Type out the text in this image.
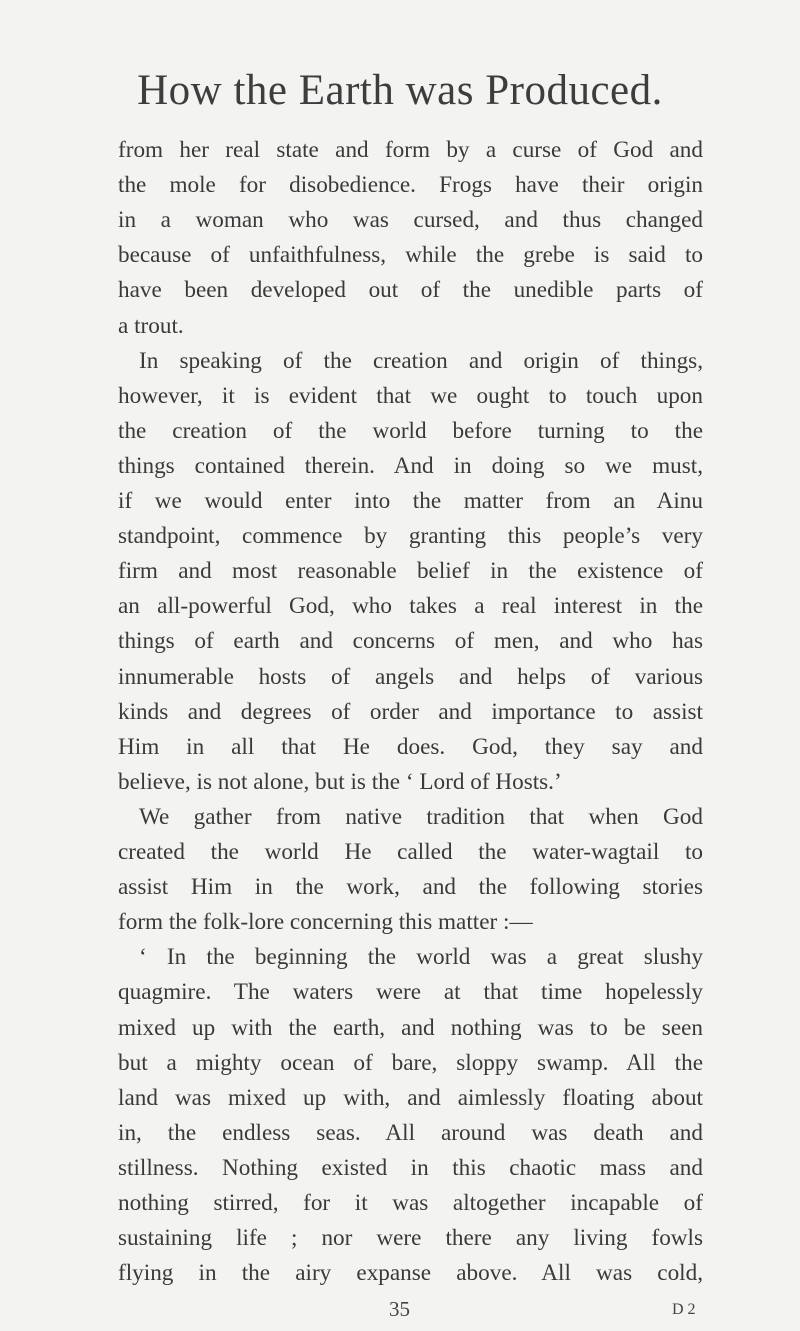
How the Earth was Produced.
from her real state and form by a curse of God and
the mole for disobedience. Frogs have their origin
in a woman who was cursed, and thus changed
because of unfaithfulness, while the grebe is said to
have been developed out of the unedible parts of
a trout.
In speaking of the creation and origin of things,
however, it is evident that we ought to touch upon
the creation of the world before turning to the
things contained therein. And in doing so we must,
if we would enter into the matter from an Ainu
standpoint, commence by granting this people’s very
firm and most reasonable belief in the existence of
an all-powerful God, who takes a real interest in the
things of earth and concerns of men, and who has
innumerable hosts of angels and helps of various
kinds and degrees of order and importance to assist
Him in all that He does. God, they say and
believe, is not alone, but is the ‘ Lord of Hosts.’
We gather from native tradition that when God
created the world He called the water-wagtail to
assist Him in the work, and the following stories
form the folk-lore concerning this matter :—
‘ In the beginning the world was a great slushy
quagmire. The waters were at that time hopelessly
mixed up with the earth, and nothing was to be seen
but a mighty ocean of bare, sloppy swamp. All the
land was mixed up with, and aimlessly floating about
in, the endless seas. All around was death and
stillness. Nothing existed in this chaotic mass and
nothing stirred, for it was altogether incapable of
sustaining life ; nor were there any living fowls
flying in the airy expanse above. All was cold,
35	D 2
